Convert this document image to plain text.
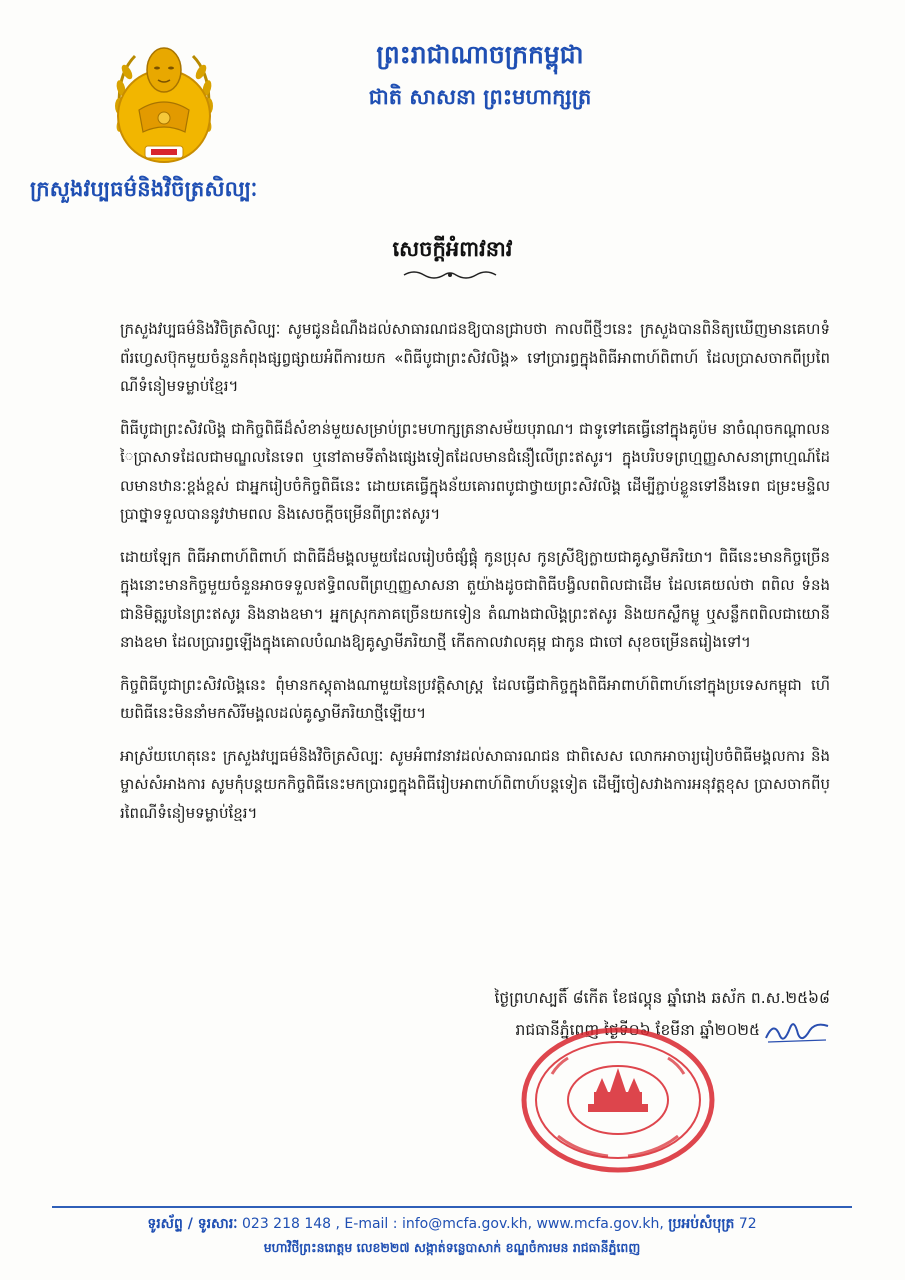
ព្រះរាជាណាចក្រកម្ពុជា
ជាតិ សាសនា ព្រះមហាក្សត្រ
ក្រសួងវប្បធម៌និងវិចិត្រសិល្បៈ
សេចក្តីអំពាវនាវ

ក្រសួងវប្បធម៌និងវិចិត្រសិល្បៈ សូមជូនដំណឹងដល់សាធារណជនឱ្យបានជ្រាបថា កាលពីថ្មីៗនេះ ក្រសួងបានពិនិត្យឃើញមានគេហទំព័រហ្វេសប៊ុកមួយចំនួនកំពុងផ្សព្វផ្សាយអំពីការយក «ពិធីបូជាព្រះសិវលិង្គ» ទៅប្រារព្ធក្នុងពិធីអាពាហ៍ពិពាហ៍ ដែលប្រាសចាកពីប្រពៃណីទំនៀមទម្លាប់ខ្មែរ។

ពិធីបូជាព្រះសិវលិង្គ ជាកិច្ចពិធីដ៏សំខាន់មួយសម្រាប់ព្រះមហាក្សត្រនាសម័យបុរាណ។ ជាទូទៅគេធ្វើនៅក្នុងគូប៉ម នាចំណុចកណ្តាលនៃប្រាសាទដែលជាមណ្ឌលនៃទេព ឬនៅតាមទីតាំងផ្សេងទៀតដែលមានជំនឿលើព្រះឥសូរ។ ក្នុងបរិបទព្រហ្មញ្ញសាសនាព្រាហ្មណ៍ដែលមានឋានៈខ្ពង់ខ្ពស់ ជាអ្នករៀបចំកិច្ចពិធីនេះ ដោយគេធ្វើក្នុងន័យគោរពបូជាថ្វាយព្រះសិវលិង្គ ដើម្បីភ្ជាប់ខ្លួនទៅនឹងទេព ជម្រះមន្ទិល ប្រាថ្នាទទួលបាននូវឋាមពល និងសេចក្តីចម្រើនពីព្រះឥសូរ។

ដោយឡែក ពិធីអាពាហ៍ពិពាហ៍ ជាពិធីដ៏មង្គលមួយដែលរៀបចំផ្សំផ្គុំ កូនប្រុស កូនស្រីឱ្យក្លាយជាគូស្វាមីភរិយា។ ពិធីនេះមានកិច្ចច្រើន ក្នុងនោះមានកិច្ចមួយចំនួនអាចទទួលឥទ្ធិពលពីព្រហ្មញ្ញសាសនា តួយ៉ាងដូចជាពិធីបង្វិលពពិលជាដើម ដែលគេយល់ថា ពពិល ទំនងជានិមិត្តរូបនៃព្រះឥសូរ និងនាងឧមា។ អ្នកស្រុកភាគច្រើនយកទៀន តំណាងជាលិង្គព្រះឥសូរ និងយកស្លឹកម្លូ ឬសន្លឹកពពិលជាយោនីនាងឧមា ដែលប្រារព្ធឡើងក្នុងគោលបំណងឱ្យគូស្វាមីភរិយាថ្មី កើតកាលវាលគុម្ព ជាកូន ជាចៅ សុខចម្រើនតរៀងទៅ។

កិច្ចពិធីបូជាព្រះសិវលិង្គនេះ ពុំមានកស្តុតាងណាមួយនៃប្រវត្តិសាស្ត្រ ដែលធ្វើជាកិច្ចក្នុងពិធីអាពាហ៍ពិពាហ៍នៅក្នុងប្រទេសកម្ពុជា ហើយពិធីនេះមិននាំមកសិរីមង្គលដល់គូស្វាមីភរិយាថ្មីឡើយ។

អាស្រ័យហេតុនេះ ក្រសួងវប្បធម៌និងវិចិត្រសិល្បៈ សូមអំពាវនាវដល់សាធារណជន ជាពិសេស លោកអាចារ្យរៀបចំពិធីមង្គលការ និងម្ចាស់សំអាងការ សូមកុំបន្តយកកិច្ចពិធីនេះមកប្រារព្ធក្នុងពិធីរៀបអាពាហ៍ពិពាហ៍បន្តទៀត ដើម្បីចៀសវាងការអនុវត្តខុស ប្រាសចាកពីប្រពៃណីទំនៀមទម្លាប់ខ្មែរ។

ថ្ងៃព្រហស្បតិ៍ ៨កើត ខែផល្គុន ឆ្នាំរោង ឆស័ក ព.ស.២៥៦៨
រាជធានីភ្នំពេញ ថ្ងៃទី០៦ ខែមីនា ឆ្នាំ២០២៥
ទូរស័ព្ទ / ទូរសារៈ 023 218 148 , E-mail : info@mcfa.gov.kh, www.mcfa.gov.kh, ប្រអប់សំបុត្រ 72
មហាវិថីព្រះនរោត្តម លេខ២២៧ សង្កាត់ទន្លេបាសាក់ ខណ្ឌចំការមន រាជធានីភ្នំពេញ
